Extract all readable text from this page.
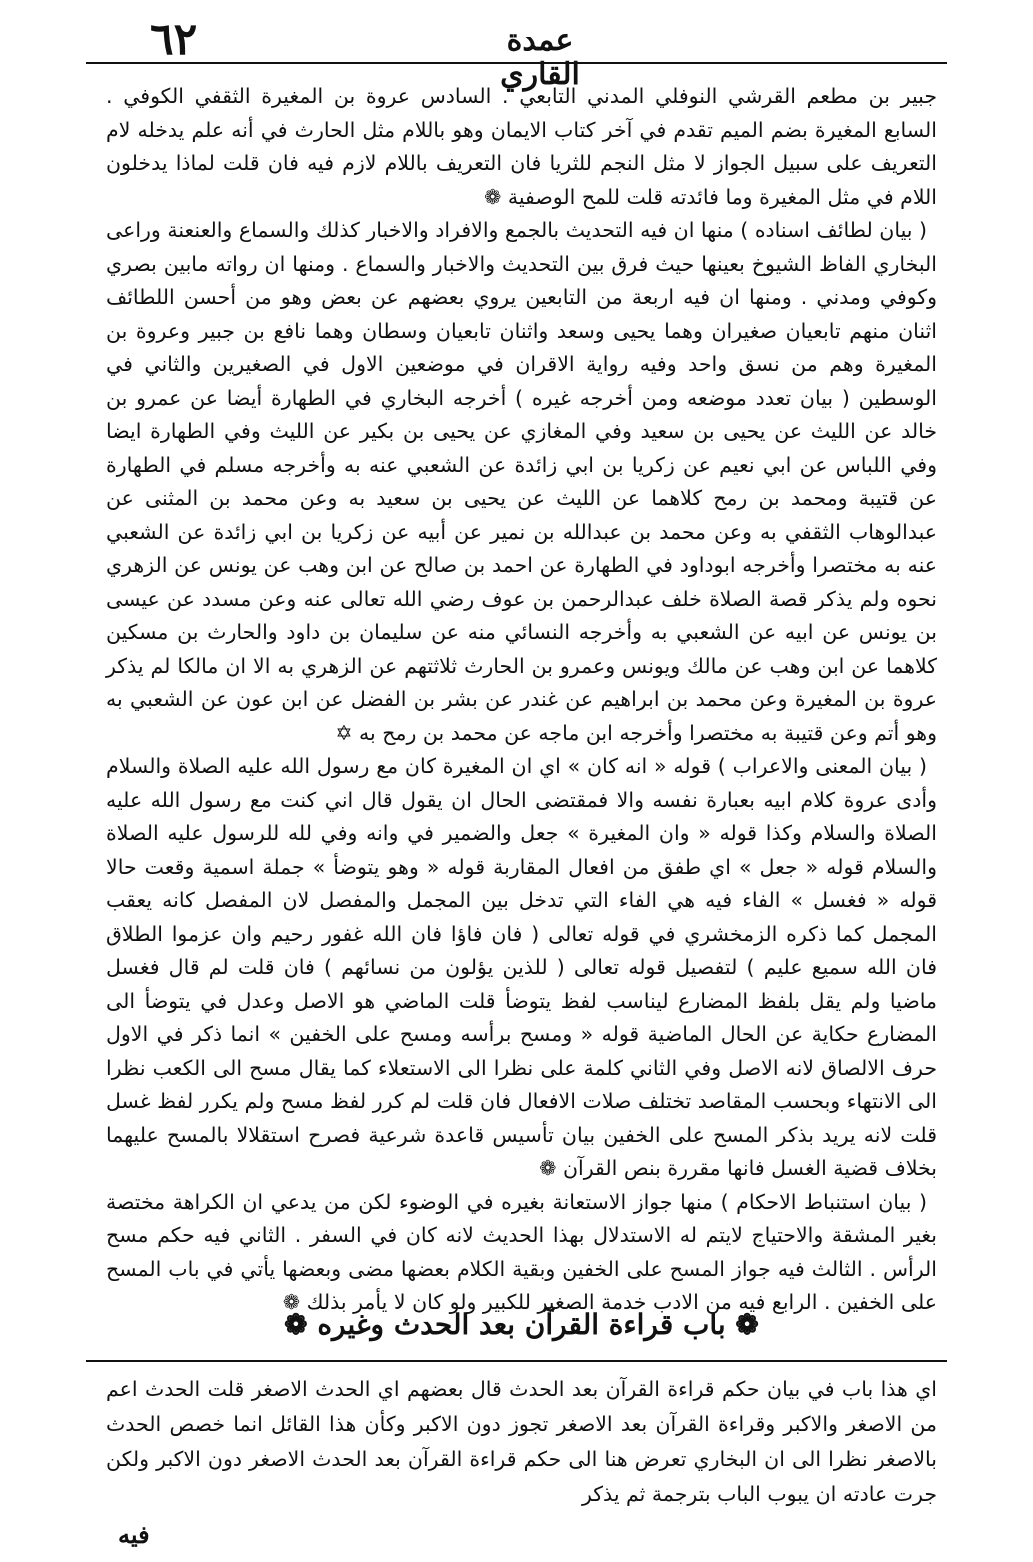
عمدة القاري
٦٢

جبير بن مطعم القرشي النوفلي المدني التابعي . السادس عروة بن المغيرة الثقفي الكوفي . السابع المغيرة بضم الميم تقدم في آخر كتاب الايمان وهو باللام مثل الحارث في أنه علم يدخله لام التعريف على سبيل الجواز لا مثل النجم للثريا فان التعريف باللام لازم فيه فان قلت لماذا يدخلون اللام في مثل المغيرة وما فائدته قلت للمح الوصفية ❁

( بيان لطائف اسناده ) منها ان فيه التحديث بالجمع والافراد والاخبار كذلك والسماع والعنعنة وراعى البخاري الفاظ الشيوخ بعينها حيث فرق بين التحديث والاخبار والسماع . ومنها ان رواته مابين بصري وكوفي ومدني . ومنها ان فيه اربعة من التابعين يروي بعضهم عن بعض وهو من أحسن اللطائف اثنان منهم تابعيان صغيران وهما يحيى وسعد واثنان تابعيان وسطان وهما نافع بن جبير وعروة بن المغيرة وهم من نسق واحد وفيه رواية الاقران في موضعين الاول في الصغيرين والثاني في الوسطين ( بيان تعدد موضعه ومن أخرجه غيره ) أخرجه البخاري في الطهارة أيضا عن عمرو بن خالد عن الليث عن يحيى بن سعيد وفي المغازي عن يحيى بن بكير عن الليث وفي الطهارة ايضا وفي اللباس عن ابي نعيم عن زكريا بن ابي زائدة عن الشعبي عنه به وأخرجه مسلم في الطهارة عن قتيبة ومحمد بن رمح كلاهما عن الليث عن يحيى بن سعيد به وعن محمد بن المثنى عن عبدالوهاب الثقفي به وعن محمد بن عبدالله بن نمير عن أبيه عن زكريا بن ابي زائدة عن الشعبي عنه به مختصرا وأخرجه ابوداود في الطهارة عن احمد بن صالح عن ابن وهب عن يونس عن الزهري نحوه ولم يذكر قصة الصلاة خلف عبدالرحمن بن عوف رضي الله تعالى عنه وعن مسدد عن عيسى بن يونس عن ابيه عن الشعبي به وأخرجه النسائي منه عن سليمان بن داود والحارث بن مسكين كلاهما عن ابن وهب عن مالك ويونس وعمرو بن الحارث ثلاثتهم عن الزهري به الا ان مالكا لم يذكر عروة بن المغيرة وعن محمد بن ابراهيم عن غندر عن بشر بن الفضل عن ابن عون عن الشعبي به وهو أتم وعن قتيبة به مختصرا وأخرجه ابن ماجه عن محمد بن رمح به ✡

( بيان المعنى والاعراب ) قوله « انه كان » اي ان المغيرة كان مع رسول الله عليه الصلاة والسلام وأدى عروة كلام ابيه بعبارة نفسه والا فمقتضى الحال ان يقول قال اني كنت مع رسول الله عليه الصلاة والسلام وكذا قوله « وان المغيرة » جعل والضمير في وانه وفي لله للرسول عليه الصلاة والسلام قوله « جعل » اي طفق من افعال المقاربة قوله « وهو يتوضأ » جملة اسمية وقعت حالا قوله « فغسل » الفاء فيه هي الفاء التي تدخل بين المجمل والمفصل لان المفصل كانه يعقب المجمل كما ذكره الزمخشري في قوله تعالى ( فان فاؤا فان الله غفور رحيم وان عزموا الطلاق فان الله سميع عليم ) لتفصيل قوله تعالى ( للذين يؤلون من نسائهم ) فان قلت لم قال فغسل ماضيا ولم يقل بلفظ المضارع ليناسب لفظ يتوضأ قلت الماضي هو الاصل وعدل في يتوضأ الى المضارع حكاية عن الحال الماضية قوله « ومسح برأسه ومسح على الخفين » انما ذكر في الاول حرف الالصاق لانه الاصل وفي الثاني كلمة على نظرا الى الاستعلاء كما يقال مسح الى الكعب نظرا الى الانتهاء وبحسب المقاصد تختلف صلات الافعال فان قلت لم كرر لفظ مسح ولم يكرر لفظ غسل قلت لانه يريد بذكر المسح على الخفين بيان تأسيس قاعدة شرعية فصرح استقلالا بالمسح عليهما بخلاف قضية الغسل فانها مقررة بنص القرآن ❁

( بيان استنباط الاحكام ) منها جواز الاستعانة بغيره في الوضوء لكن من يدعي ان الكراهة مختصة بغير المشقة والاحتياج لايتم له الاستدلال بهذا الحديث لانه كان في السفر . الثاني فيه حكم مسح الرأس . الثالث فيه جواز المسح على الخفين وبقية الكلام بعضها مضى وبعضها يأتي في باب المسح على الخفين . الرابع فيه من الادب خدمة الصغير للكبير ولو كان لا يأمر بذلك ❁

❁ باب قراءة القرآن بعد الحدث وغيره ❁

اي هذا باب في بيان حكم قراءة القرآن بعد الحدث قال بعضهم اي الحدث الاصغر قلت الحدث اعم من الاصغر والاكبر وقراءة القرآن بعد الاصغر تجوز دون الاكبر وكأن هذا القائل انما خصص الحدث بالاصغر نظرا الى ان البخاري تعرض هنا الى حكم قراءة القرآن بعد الحدث الاصغر دون الاكبر ولكن جرت عادته ان يبوب الباب بترجمة ثم يذكر

فيه
